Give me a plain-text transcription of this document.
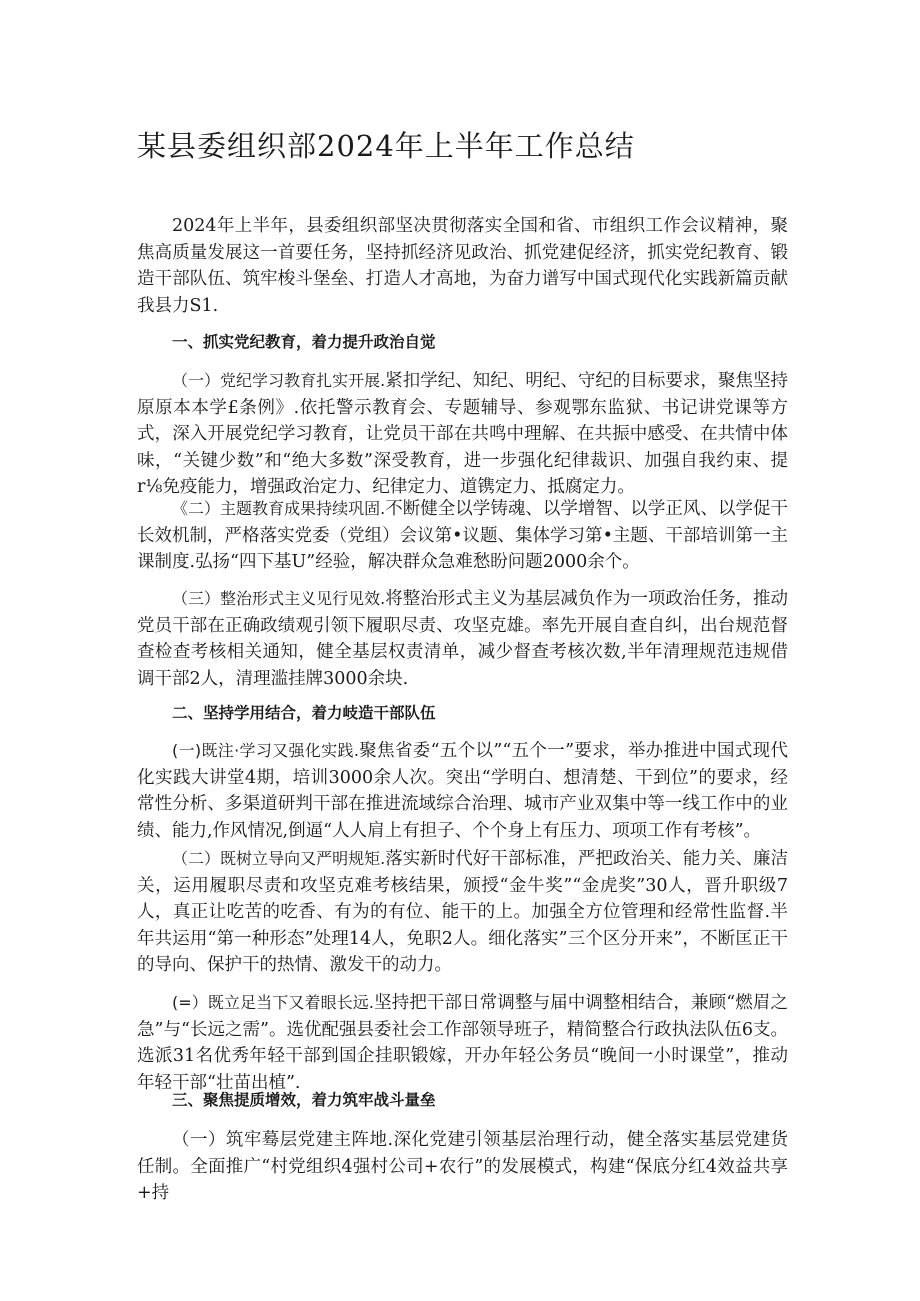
某县委组织部2024年上半年工作总结

2024年上半年，县委组织部坚决贯彻落实全国和省、市组织工作会议精神，聚焦高质量发展这一首要任务，坚持抓经济见政治、抓党建促经济，抓实党纪教育、锻造干部队伍、筑牢梭斗堡垒、打造人才高地，为奋力谱写中国式现代化实践新篇贡献我县力S1.

一、抓实党纪教育，着力提升政治自觉

（一）党纪学习教育扎实开展.紧扣学纪、知纪、明纪、守纪的目标要求，聚焦坚持原原本本学£条例》.依托警示教育会、专题辅导、参观鄂东监狱、书记讲党课等方式，深入开展党纪学习教育，让党员干部在共鸣中理解、在共振中感受、在共情中体味，“关键少数”和“绝大多数”深受教育，进一步强化纪律裁识、加强自我约束、提r⅛免疫能力，增强政治定力、纪律定力、道镌定力、抵腐定力。

《二）主题教育成果持续巩固.不断健全以学铸魂、以学增智、以学正风、以学促干长效机制，严格落实党委（党组）会议第•议题、集体学习第•主题、干部培训第一主课制度.弘扬“四下基U”经验，解决群众急难愁盼问题2000余个。

（三）整治形式主义见行见效.将整治形式主义为基层减负作为一项政治任务，推动党员干部在正确政绩观引领下履职尽责、攻坚克雄。率先开展自查自纠，出台规范督查检查考核相关通知，健全基层权责清单，减少督查考核次数,半年清理规范违规借调干部2人，清理滥挂牌3000余块.

二、坚持学用结合，着力岐造干部队伍

(一)既注·学习又强化实践.聚焦省委“五个以”“五个一”要求，举办推进中国式现代化实践大讲堂4期，培训3000余人次。突出“学明白、想清楚、干到位”的要求，经常性分析、多渠道研判干部在推进流域综合治理、城市产业双集中等一线工作中的业绩、能力,作风情况,倒逼“人人肩上有担子、个个身上有压力、项项工作有考核”。

（二）既树立导向又严明规矩.落实新时代好干部标准，严把政治关、能力关、廉洁关，运用履职尽责和攻坚克难考核结果，颁授“金牛奖”“金虎奖”30人，晋升职级7人，真正让吃苦的吃香、有为的有位、能干的上。加强全方位管理和经常性监督.半年共运用“第一种形态”处理14人，免职2人。细化落实”三个区分开来”，不断匡正干的导向、保护干的热情、激发干的动力。

(=）既立足当下又着眼长远.坚持把干部日常调整与届中调整相结合，兼顾“燃眉之急”与“长远之需”。选优配强县委社会工作部领导班子，精简整合行政执法队伍6支。选派31名优秀年轻干部到国企挂职锻嫁，开办年轻公务员“晚间一小时课堂”，推动年轻干部“壮苗出植”.

三、聚焦提质增效，着力筑牢战斗量垒

（一）筑牢蓦层党建主阵地.深化党建引领基层治理行动，健全落实基层党建货任制。全面推广“村党组织4强村公司+农行”的发展模式，构建“保底分红4效益共享+持
